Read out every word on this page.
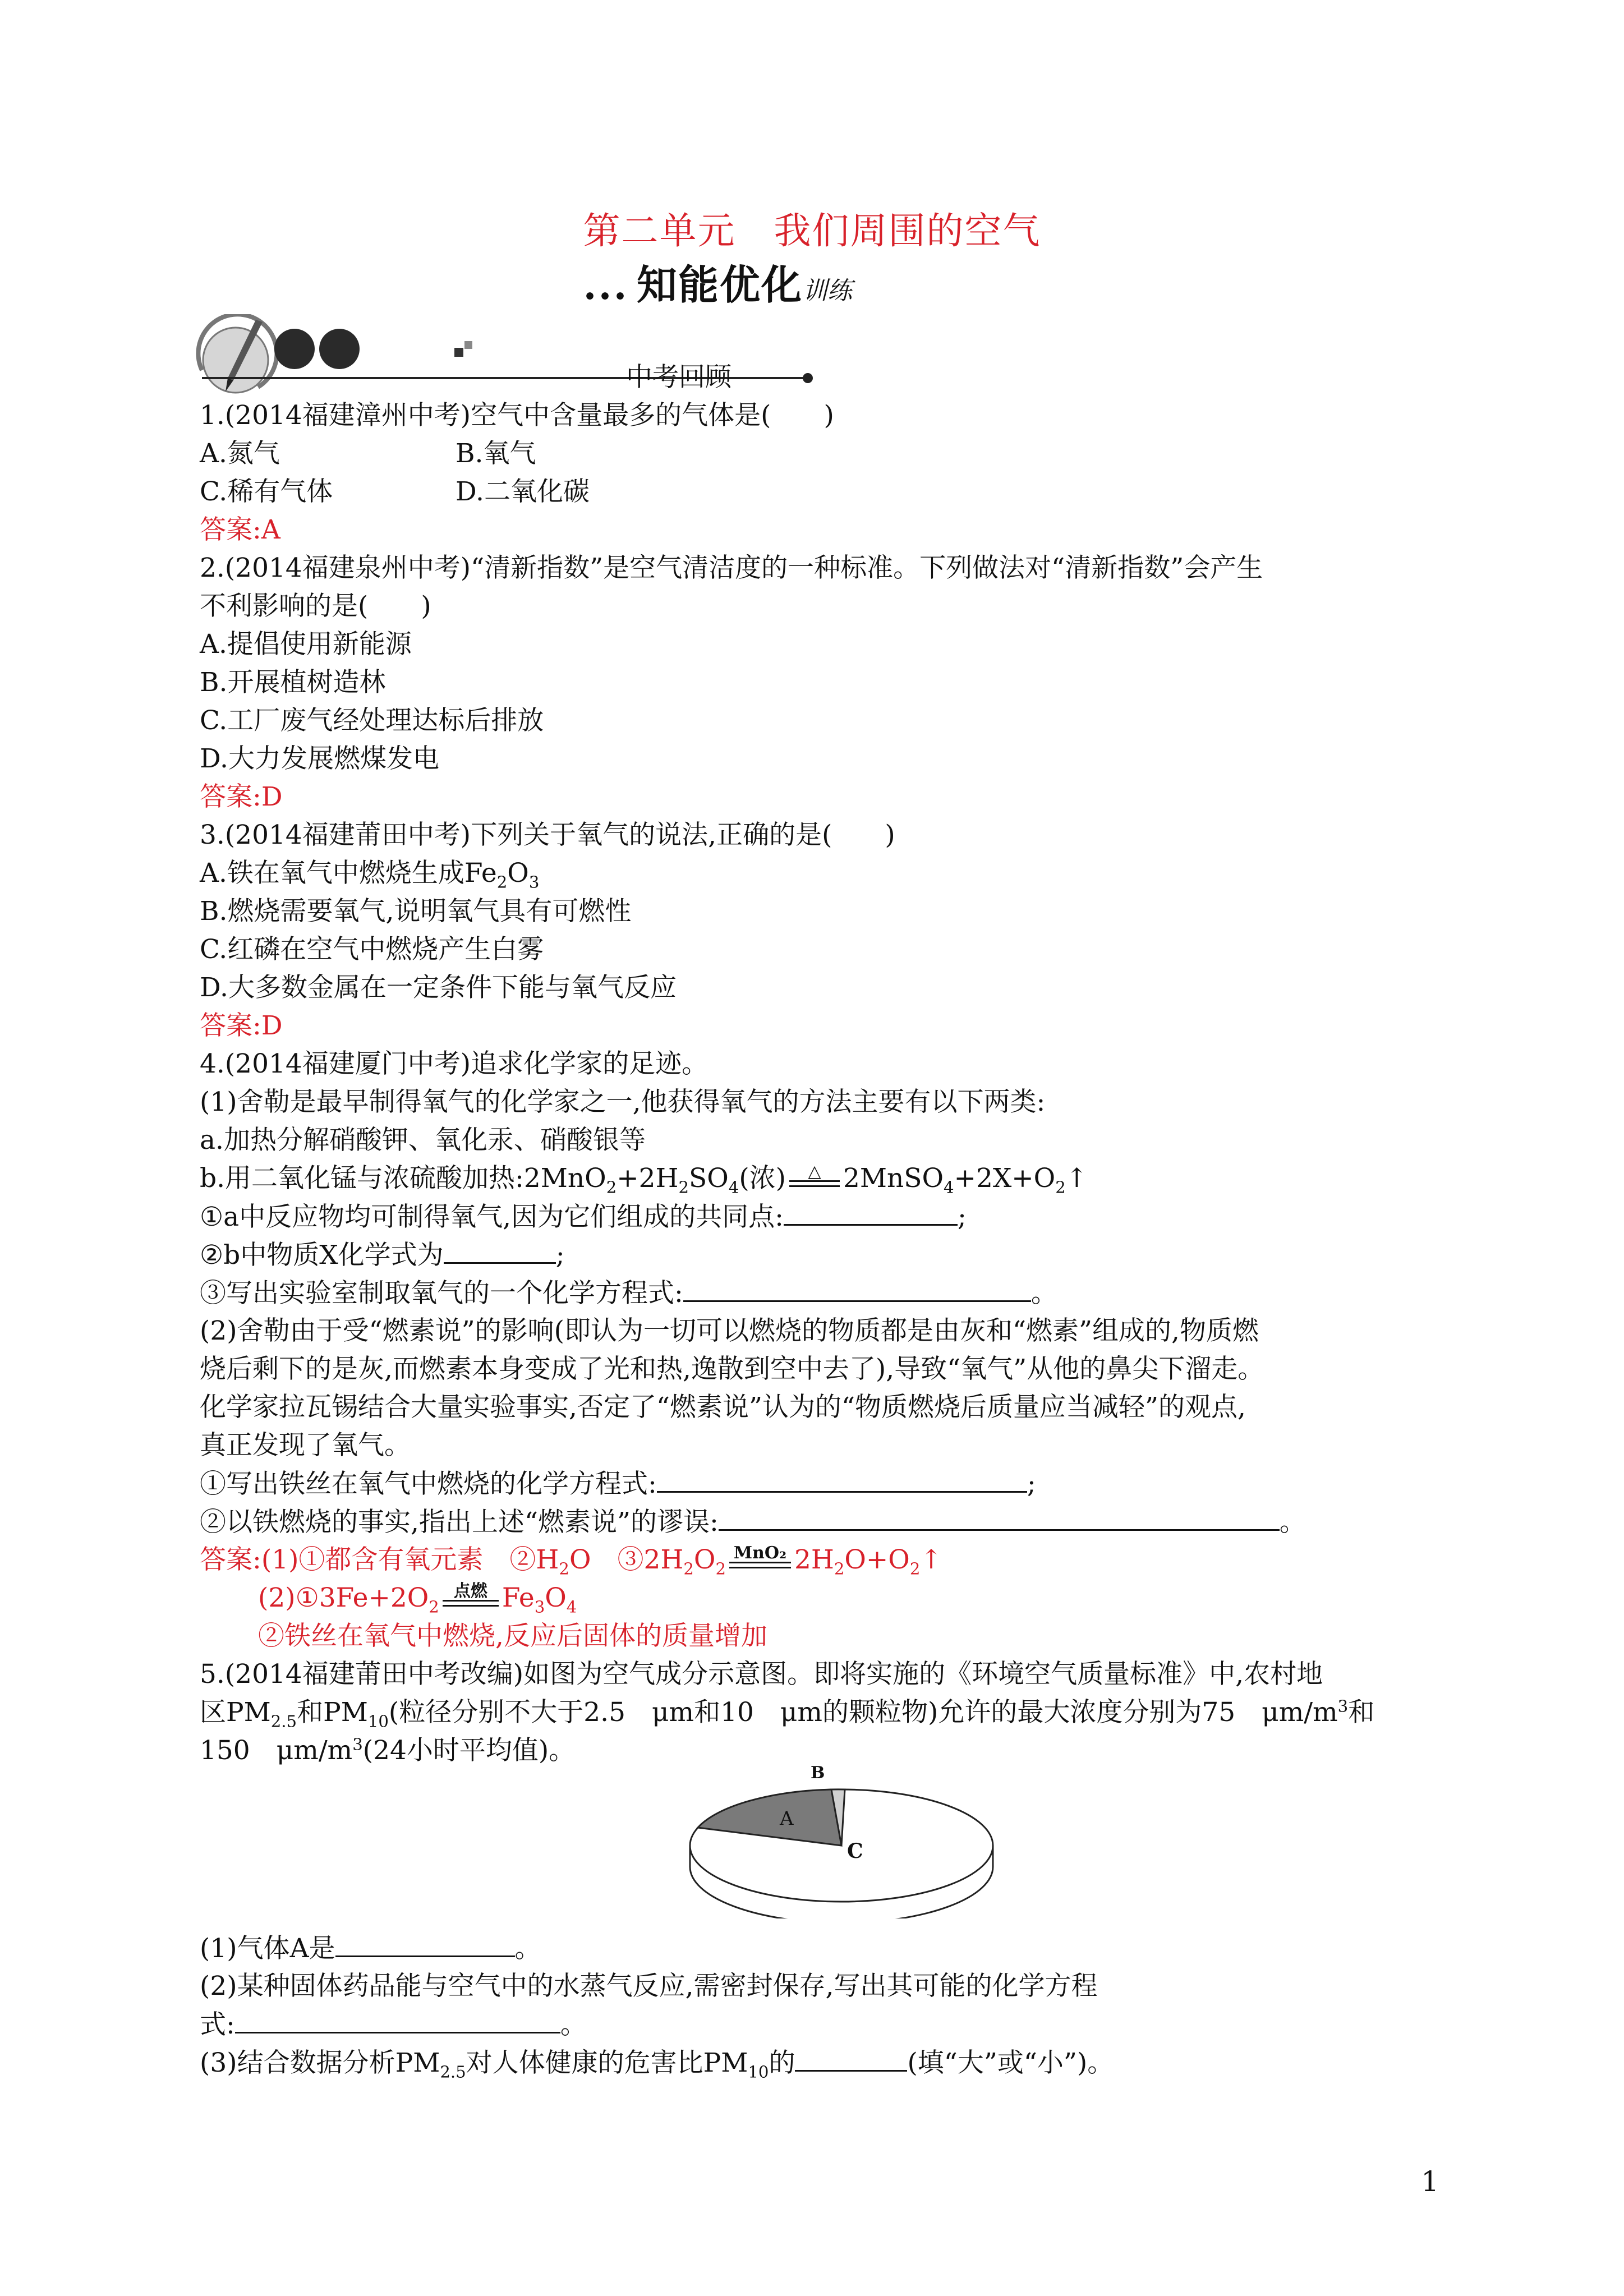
第二单元　我们周围的空气
••• 知能优化训练
中考回顾
1.(2014福建漳州中考)空气中含量最多的气体是(　　)
A.氮气	B.氧气
C.稀有气体	D.二氧化碳
答案:A
2.(2014福建泉州中考)“清新指数”是空气清洁度的一种标准。下列做法对“清新指数”会产生
不利影响的是(　　)
A.提倡使用新能源
B.开展植树造林
C.工厂废气经处理达标后排放
D.大力发展燃煤发电
答案:D
3.(2014福建莆田中考)下列关于氧气的说法,正确的是(　　)
A.铁在氧气中燃烧生成$Fe_2O_3$
B.燃烧需要氧气,说明氧气具有可燃性
C.红磷在空气中燃烧产生白雾
D.大多数金属在一定条件下能与氧气反应
答案:D
4.(2014福建厦门中考)追求化学家的足迹。
(1)舍勒是最早制得氧气的化学家之一,他获得氧气的方法主要有以下两类:
a.加热分解硝酸钾、氧化汞、硝酸银等
b.用二氧化锰与浓硫酸加热$:2MnO_2+2H_2SO_4$(浓)	△ $2MnSO_4+2X+O_2↑$
①a中反应物均可制得氧气,因为它们组成的共同点:	;
②b中物质X化学式为	;
③写出实验室制取氧气的一个化学方程式:	。
(2)舍勒由于受“燃素说”的影响(即认为一切可以燃烧的物质都是由灰和“燃素”组成的,物质燃
烧后剩下的是灰,而燃素本身变成了光和热,逸散到空中去了),导致“氧气”从他的鼻尖下溜走。
化学家拉瓦锡结合大量实验事实,否定了“燃素说”认为的“物质燃烧后质量应当减轻”的观点,
真正发现了氧气。
①写出铁丝在氧气中燃烧的化学方程式:	;
②以铁燃烧的事实,指出上述“燃素说”的谬误:	。
答案:(1)①都含有氧元素　$②H_2O$　$③2H_2O_2$
MnO₂ $2H_2O+O_2↑$
$(2)①3Fe+2O_2$
点燃 $Fe_3O_4$
②铁丝在氧气中燃烧,反应后固体的质量增加
5.(2014福建莆田中考改编)如图为空气成分示意图。即将实施的《环境空气质量标准》中,农村地
区$PM_{2.5}$和$PM_{10}$(粒径分别不大于2.5　μm和10　μm的颗粒物)允许的最大浓度分别为75　$\mu m/m^3$和
150　$\mu m/m^3(24$小时平均值)。
A
B
C
(1)气体A是	。
(2)某种固体药品能与空气中的水蒸气反应,需密封保存,写出其可能的化学方程
式:	。
(3)结合数据分析$PM_{2.5}$对人体健康的危害比$PM_{10}$的	(填“大”或“小”)。
1
